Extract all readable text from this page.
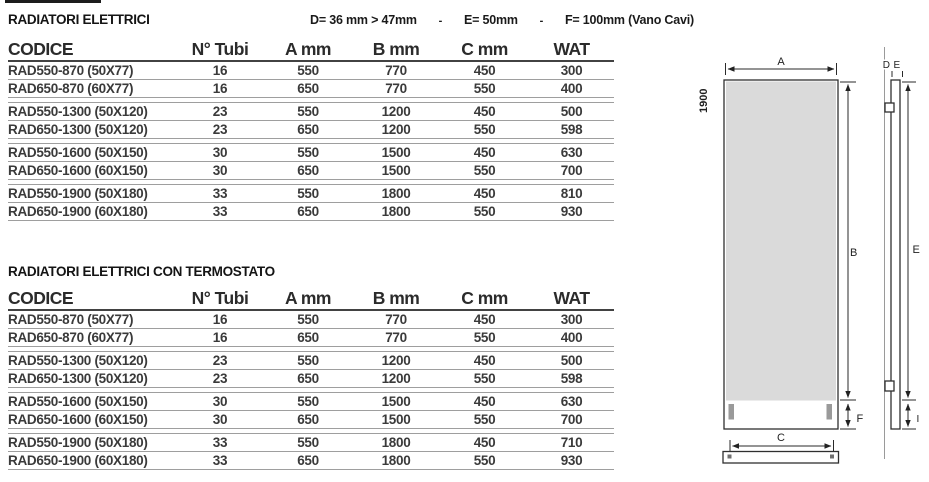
RADIATORI ELETTRICI	D= 36 mm > 47mm - E= 50mm - F= 100mm (Vano Cavi)
CODICE	N° Tubi	A mm	B mm	C mm	WAT
RAD550-870 (50X77)	16	550	770	450	300
RAD650-870 (60X77)	16	650	770	550	400
RAD550-1300 (50X120)	23	550	1200	450	500
RAD650-1300 (50X120)	23	650	1200	550	598
RAD550-1600 (50X150)	30	550	1500	450	630
RAD650-1600 (60X150)	30	650	1500	550	700
RAD550-1900 (50X180)	33	550	1800	450	810
RAD650-1900 (60X180)	33	650	1800	550	930
RADIATORI ELETTRICI CON TERMOSTATO
CODICE	N° Tubi	A mm	B mm	C mm	WAT
RAD550-870 (50X77)	16	550	770	450	300
RAD650-870 (60X77)	16	650	770	550	400
RAD550-1300 (50X120)	23	550	1200	450	500
RAD650-1300 (50X120)	23	650	1200	550	598
RAD550-1600 (50X150)	30	550	1500	450	630
RAD650-1600 (60X150)	30	650	1500	550	700
RAD550-1900 (50X180)	33	550	1800	450	710
RAD650-1900 (60X180)	33	650	1800	550	930
A
1900
B
F
C
D E
E
I
